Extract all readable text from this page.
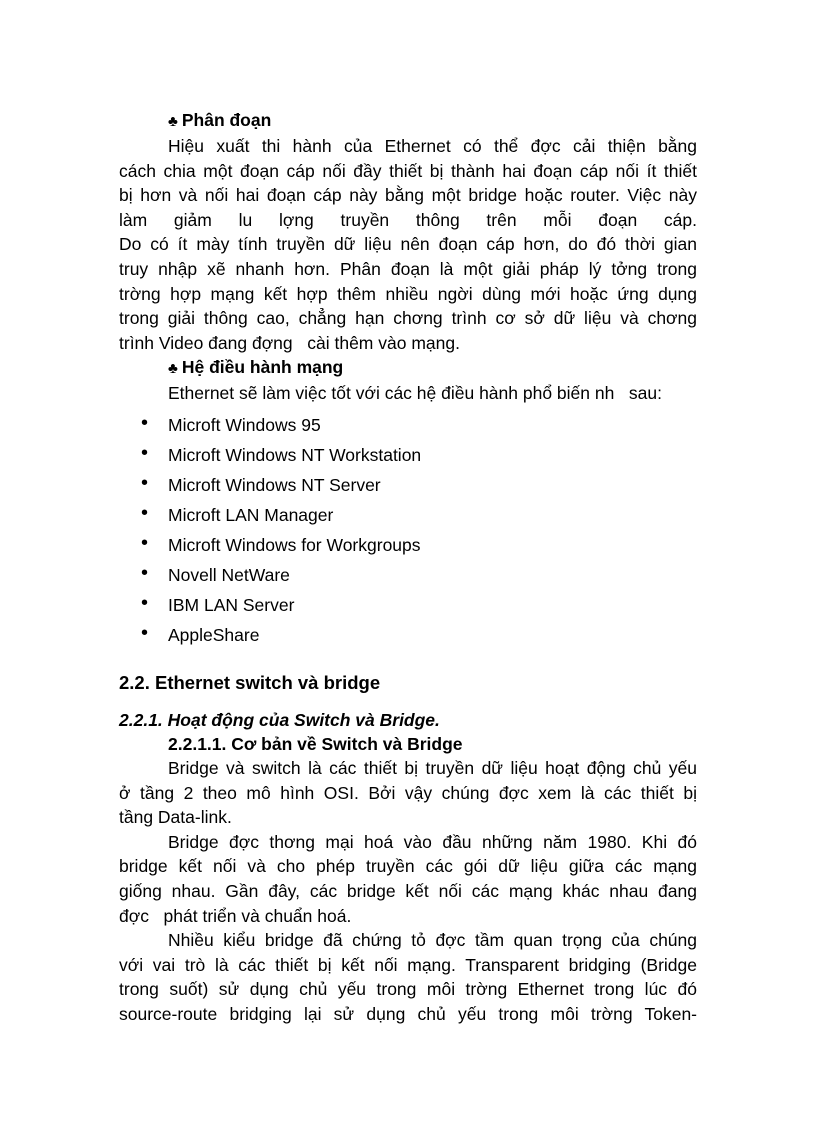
♣ Phân đoạn

Hiệu xuất thi hành của Ethernet có thể đợc cải thiện bằng
cách chia một đoạn cáp nối đầy thiết bị thành hai đoạn cáp nối ít thiết
bị hơn và nối hai đoạn cáp này bằng một bridge hoặc router. Việc này
làm giảm lu lợng truyền thông trên mỗi đoạn cáp.
Do có ít mày tính truyền dữ liệu nên đoạn cáp hơn, do đó thời gian
truy nhập xẽ nhanh hơn. Phân đoạn là một giải pháp lý tởng trong
trờng hợp mạng kết hợp thêm nhiều ngời dùng mới hoặc ứng dụng
trong giải thông cao, chẳng hạn chơng trình cơ sở dữ liệu và chơng
trình Video đang đợng   cài thêm vào mạng.

♣ Hệ điều hành mạng

Ethernet sẽ làm việc tốt với các hệ điều hành phổ biến nh   sau:

• Microft Windows 95
• Microft Windows NT Workstation
• Microft Windows NT Server
• Microft LAN Manager
• Microft Windows for Workgroups
• Novell NetWare
• IBM LAN Server
• AppleShare

2.2. Ethernet switch và bridge

2.2.1. Hoạt động của Switch và Bridge.

2.2.1.1. Cơ bản về Switch và Bridge

Bridge và switch là các thiết bị truyền dữ liệu hoạt động chủ yếu
ở tầng 2 theo mô hình OSI. Bởi vậy chúng đợc xem là các thiết bị
tầng Data-link.

Bridge đợc thơng mại hoá vào đầu những năm 1980. Khi đó
bridge kết nối và cho phép truyền các gói dữ liệu giữa các mạng
giống nhau. Gần đây, các bridge kết nối các mạng khác nhau đang
đợc   phát triển và chuẩn hoá.

Nhiều kiểu bridge đã chứng tỏ đợc tầm quan trọng của chúng
với vai trò là các thiết bị kết nối mạng. Transparent bridging (Bridge
trong suốt) sử dụng chủ yếu trong môi trờng Ethernet trong lúc đó
source-route bridging lại sử dụng chủ yếu trong môi trờng Token-
